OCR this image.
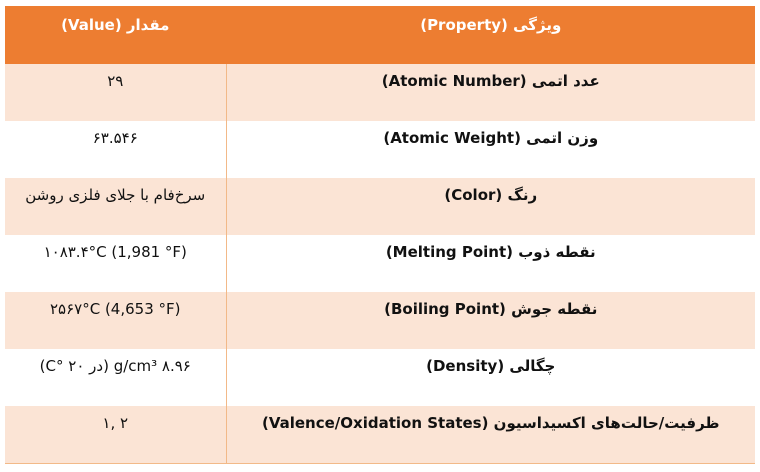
مقدار (Value)	ویژگی (Property)
۲۹	عدد اتمی (Atomic Number)
۶۳.۵۴۶	وزن اتمی (Atomic Weight)
سرخ‌فام با جلای فلزی روشن	رنگ (Color)
۱۰۸۳.۴°C (1,981 °F)	نقطه ذوب (Melting Point)
۲۵۶۷°C (4,653 °F)	نقطه جوش (Boiling Point)
g/cm³ ۸.۹۶ (در ۲۰ °C)	چگالی (Density)
۲ ,۱	ظرفیت/حالت‌های اکسیداسیون (Valence/Oxidation States)
